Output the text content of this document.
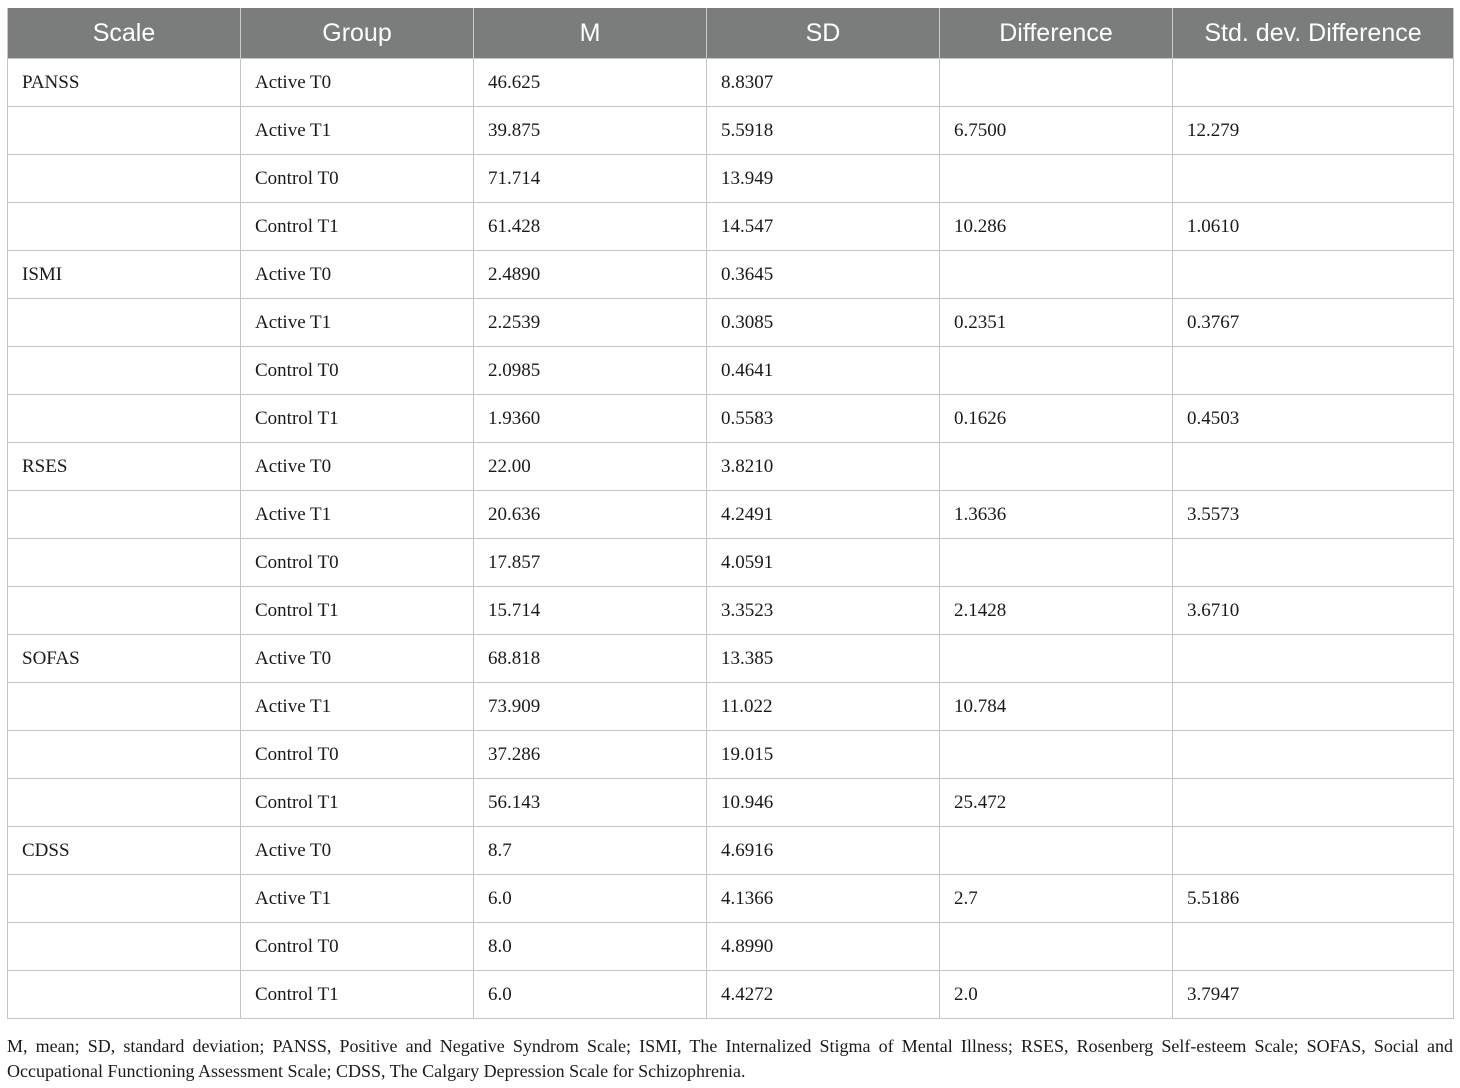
Scale	Group	M	SD	Difference	Std. dev. Difference
PANSS	Active T0	46.625	8.8307		
	Active T1	39.875	5.5918	6.7500	12.279
	Control T0	71.714	13.949		
	Control T1	61.428	14.547	10.286	1.0610
ISMI	Active T0	2.4890	0.3645		
	Active T1	2.2539	0.3085	0.2351	0.3767
	Control T0	2.0985	0.4641		
	Control T1	1.9360	0.5583	0.1626	0.4503
RSES	Active T0	22.00	3.8210		
	Active T1	20.636	4.2491	1.3636	3.5573
	Control T0	17.857	4.0591		
	Control T1	15.714	3.3523	2.1428	3.6710
SOFAS	Active T0	68.818	13.385		
	Active T1	73.909	11.022	10.784	
	Control T0	37.286	19.015		
	Control T1	56.143	10.946	25.472	
CDSS	Active T0	8.7	4.6916		
	Active T1	6.0	4.1366	2.7	5.5186
	Control T0	8.0	4.8990		
	Control T1	6.0	4.4272	2.0	3.7947
M, mean; SD, standard deviation; PANSS, Positive and Negative Syndrom Scale; ISMI, The Internalized Stigma of Mental Illness; RSES, Rosenberg Self-esteem Scale; SOFAS, Social and Occupational Functioning Assessment Scale; CDSS, The Calgary Depression Scale for Schizophrenia.
